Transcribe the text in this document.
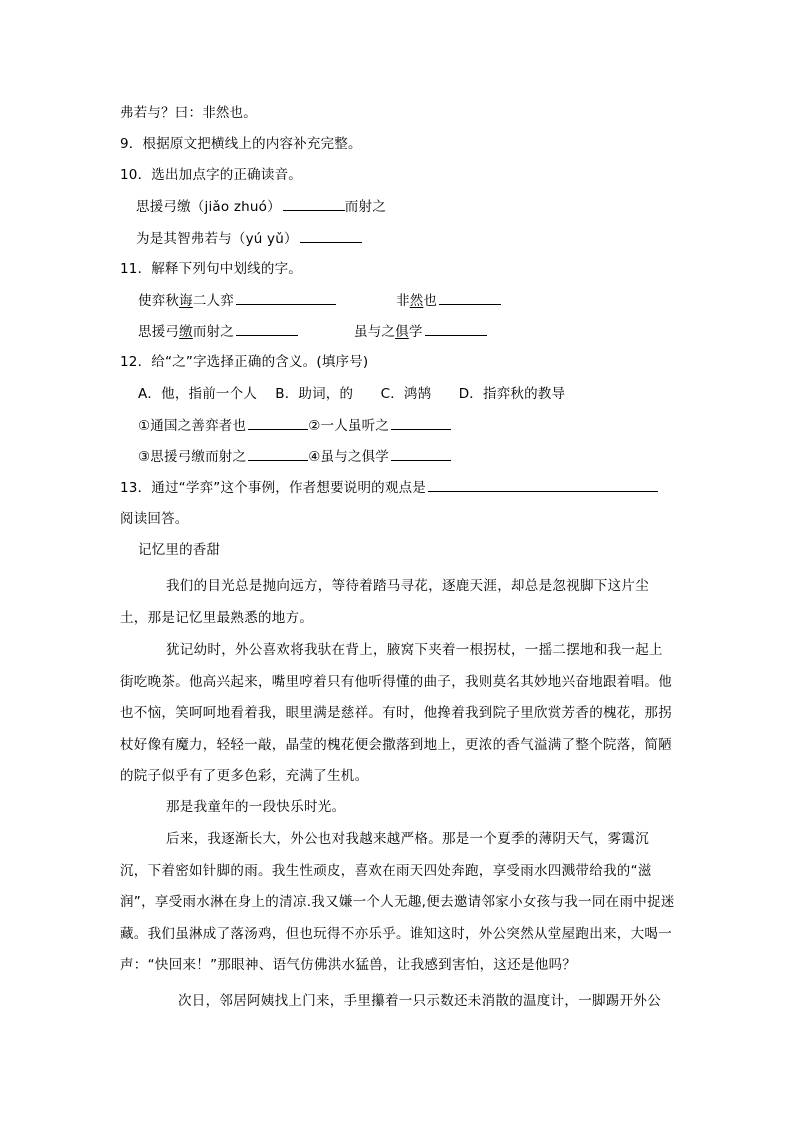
弗若与？曰：非然也。
9．根据原文把横线上的内容补充完整。
10．选出加点字的正确读音。
思援弓缴（jiǎo zhuó）	而射之
为是其智弗若与（yú yǔ）
11．解释下列句中划线的字。
使弈秋诲二人弈	非然也
思援弓缴而射之	虽与之俱学
12．给“之”字选择正确的含义。(填序号)
A．他，指前一个人　 B．助词，的　　C．鸿鹄　　D．指弈秋的教导
①通国之善弈者也	②一人虽听之
③思援弓缴而射之	④虽与之俱学
13．通过“学弈”这个事例，作者想要说明的观点是
阅读回答。
记忆里的香甜
我们的目光总是抛向远方，等待着踏马寻花，逐鹿天涯，却总是忽视脚下这片尘土，那是记忆里最熟悉的地方。
犹记幼时，外公喜欢将我驮在背上，腋窝下夹着一根拐杖，一摇二摆地和我一起上街吃晚茶。他高兴起来，嘴里哼着只有他听得懂的曲子，我则莫名其妙地兴奋地跟着唱。他也不恼，笑呵呵地看着我，眼里满是慈祥。有时，他搀着我到院子里欣赏芳香的槐花，那拐杖好像有魔力，轻轻一敲，晶莹的槐花便会撒落到地上，更浓的香气溢满了整个院落，简陋的院子似乎有了更多色彩，充满了生机。
那是我童年的一段快乐时光。
后来，我逐渐长大，外公也对我越来越严格。那是一个夏季的薄阴天气，雾霭沉沉，下着密如针脚的雨。我生性顽皮，喜欢在雨天四处奔跑，享受雨水四溅带给我的“滋润”，享受雨水淋在身上的清凉.我又嫌一个人无趣,便去邀请邻家小女孩与我一同在雨中捉迷藏。我们虽淋成了落汤鸡，但也玩得不亦乐乎。谁知这时，外公突然从堂屋跑出来，大喝一声：“快回来！”那眼神、语气仿佛洪水猛兽，让我感到害怕，这还是他吗？
次日，邻居阿姨找上门来，手里攥着一只示数还未消散的温度计，一脚踢开外公
